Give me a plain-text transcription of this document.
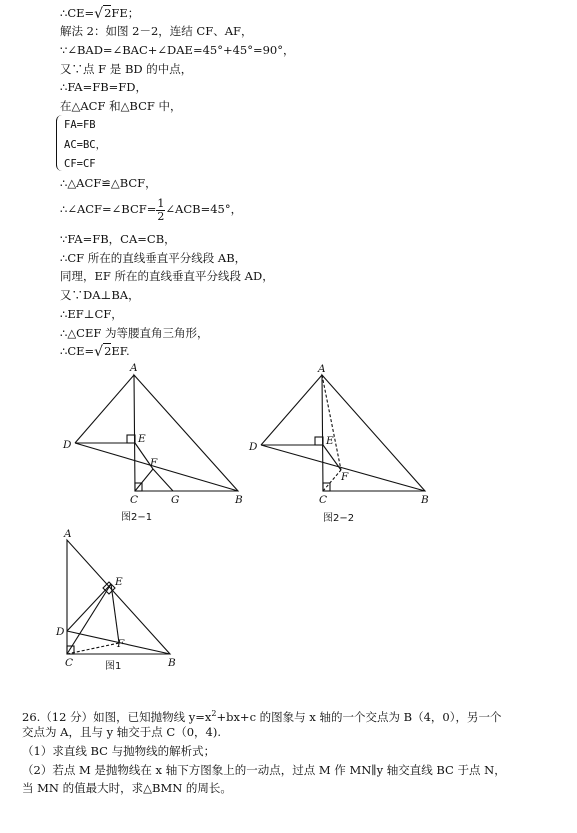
∴CE=√2FE；
解法 2：如图 2－2，连结 CF、AF，
∵∠BAD=∠BAC+∠DAE=45°+45°=90°，
又∵点 F 是 BD 的中点，
∴FA=FB=FD，
在△ACF 和△BCF 中，
FA=FB
AC=BC，
CF=CF
∴△ACF≌△BCF，
∴∠ACF=∠BCF= $\frac{1}{2}$ ∠ACB=45°，
∵FA=FB，CA=CB，
∴CF 所在的直线垂直平分线段 AB，
同理，EF 所在的直线垂直平分线段 AD，
又∵DA⊥BA，
∴EF⊥CF，
∴△CEF 为等腰直角三角形，
∴CE=√2EF.
A
D	E
F
C	G	B
图2−1
A
D	E
F
C	B
图2−2
A
E
D
F
C	B
图1
26.（12 分）如图，已知抛物线 $y=x^2+bx+c$ 的图象与 x 轴的一个交点为 B（4，0），另一个
交点为 A，且与 y 轴交于点 C（0，4).
（1）求直线 BC 与抛物线的解析式；
（2）若点 M 是抛物线在 x 轴下方图象上的一动点，过点 M 作 MN∥y 轴交直线 BC 于点 N，
当 MN 的值最大时，求△BMN 的周长。
